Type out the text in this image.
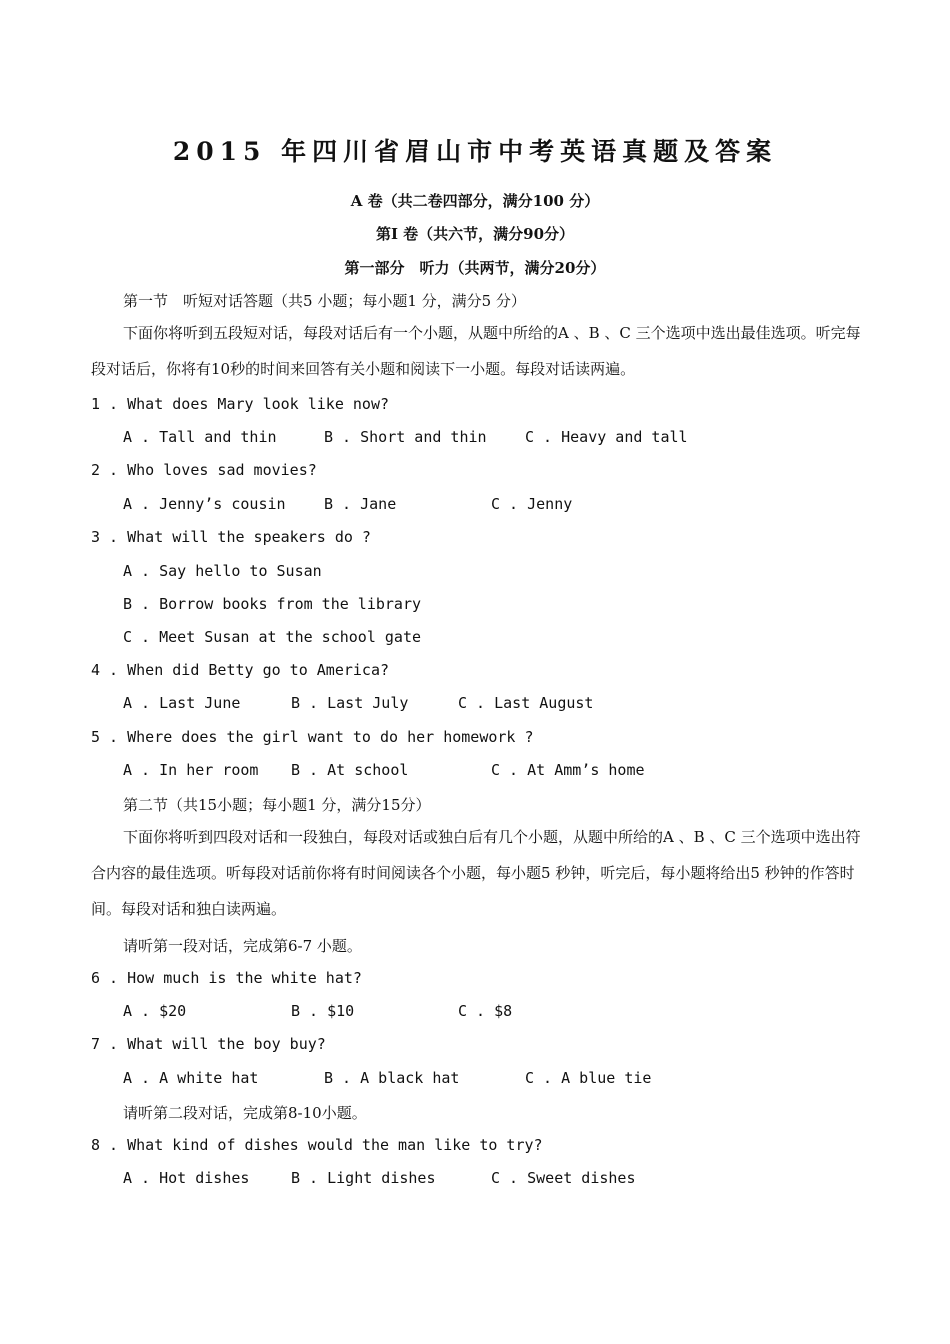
2015 年四川省眉山市中考英语真题及答案
A 卷（共二卷四部分，满分100 分）
第I 卷（共六节，满分90分）
第一部分　听力（共两节，满分20分）
第一节　听短对话答题（共5 小题；每小题1 分，满分5 分）
下面你将听到五段短对话，每段对话后有一个小题，从题中所给的A 、B 、C 三个选项中选出最佳选项。听完每段对话后，你将有10秒的时间来回答有关小题和阅读下一小题。每段对话读两遍。
1 . What does Mary look like now?
A . Tall and thin	B . Short and thin	C . Heavy and tall
2 . Who loves sad movies?
A . Jenny’s cousin	B . Jane	C . Jenny
3 . What will the speakers do ?
A . Say hello to Susan
B . Borrow books from the library
C . Meet Susan at the school gate
4 . When did Betty go to America?
A . Last June	B . Last July	C . Last August
5 . Where does the girl want to do her homework ?
A . In her room B . At school	C . At Amm’s home
第二节（共15小题；每小题1 分，满分15分）
下面你将听到四段对话和一段独白，每段对话或独白后有几个小题，从题中所给的A 、B 、C 三个选项中选出符合内容的最佳选项。听每段对话前你将有时间阅读各个小题，每小题5 秒钟，听完后，每小题将给出5 秒钟的作答时间。每段对话和独白读两遍。
请听第一段对话，完成第6-7 小题。
6 . How much is the white hat?
A . $20	B . $10	C . $8
7 . What will the boy buy?
A . A white hat	B . A black hat	C . A blue tie
请听第二段对话，完成第8-10小题。
8 . What kind of dishes would the man like to try?
A . Hot dishes	B . Light dishes	C . Sweet dishes
